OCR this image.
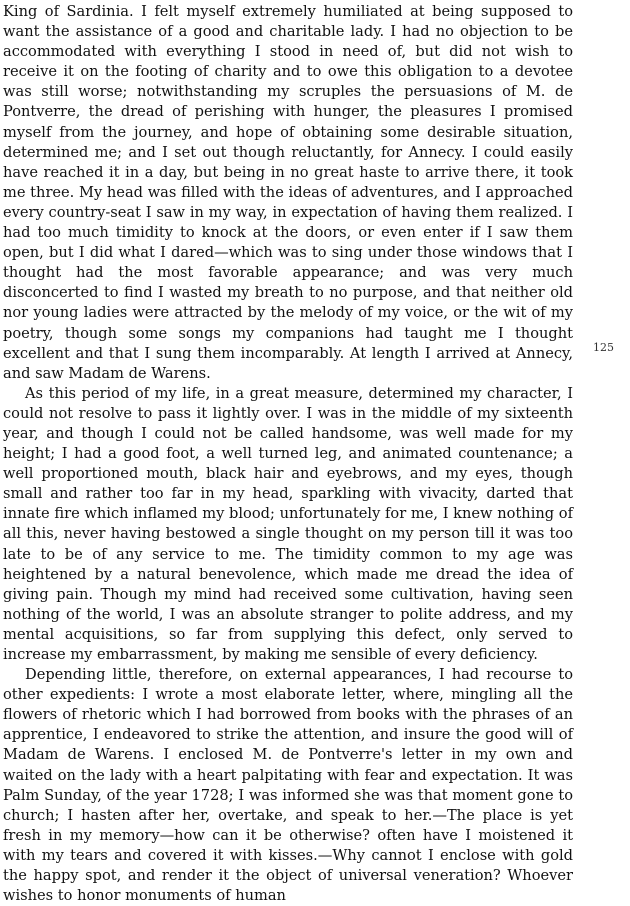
King of Sardinia. I felt myself extremely humiliated at being supposed to want the assistance of a good and charitable lady. I had no objection to be accommodated with everything I stood in need of, but did not wish to receive it on the footing of charity and to owe this obligation to a devotee was still worse; notwithstanding my scruples the persuasions of M. de Pontverre, the dread of perishing with hunger, the pleasures I promised myself from the journey, and hope of obtaining some desirable situation, determined me; and I set out though reluctantly, for Annecy. I could easily have reached it in a day, but being in no great haste to arrive there, it took me three. My head was filled with the ideas of adventures, and I approached every country-seat I saw in my way, in expectation of having them realized. I had too much timidity to knock at the doors, or even enter if I saw them open, but I did what I dared—which was to sing under those windows that I thought had the most favorable appearance; and was very much disconcerted to find I wasted my breath to no purpose, and that neither old nor young ladies were attracted by the melody of my voice, or the wit of my poetry, though some songs my companions had taught me I thought excellent and that I sung them incomparably. At length I arrived at Annecy, and saw Madam de Warens.

As this period of my life, in a great measure, determined my character, I could not resolve to pass it lightly over. I was in the middle of my sixteenth year, and though I could not be called handsome, was well made for my height; I had a good foot, a well turned leg, and animated countenance; a well proportioned mouth, black hair and eyebrows, and my eyes, though small and rather too far in my head, sparkling with vivacity, darted that innate fire which inflamed my blood; unfortunately for me, I knew nothing of all this, never having bestowed a single thought on my person till it was too late to be of any service to me. The timidity common to my age was heightened by a natural benevolence, which made me dread the idea of giving pain. Though my mind had received some cultivation, having seen nothing of the world, I was an absolute stranger to polite address, and my mental acquisitions, so far from supplying this defect, only served to increase my embarrassment, by making me sensible of every deficiency.

Depending little, therefore, on external appearances, I had recourse to other expedients: I wrote a most elaborate letter, where, mingling all the flowers of rhetoric which I had borrowed from books with the phrases of an apprentice, I endeavored to strike the attention, and insure the good will of Madam de Warens. I enclosed M. de Pontverre's letter in my own and waited on the lady with a heart palpitating with fear and expectation. It was Palm Sunday, of the year 1728; I was informed she was that moment gone to church; I hasten after her, overtake, and speak to her.—The place is yet fresh in my memory—how can it be otherwise? often have I moistened it with my tears and covered it with kisses.—Why cannot I enclose with gold the happy spot, and render it the object of universal veneration? Whoever wishes to honor monuments of human

125
